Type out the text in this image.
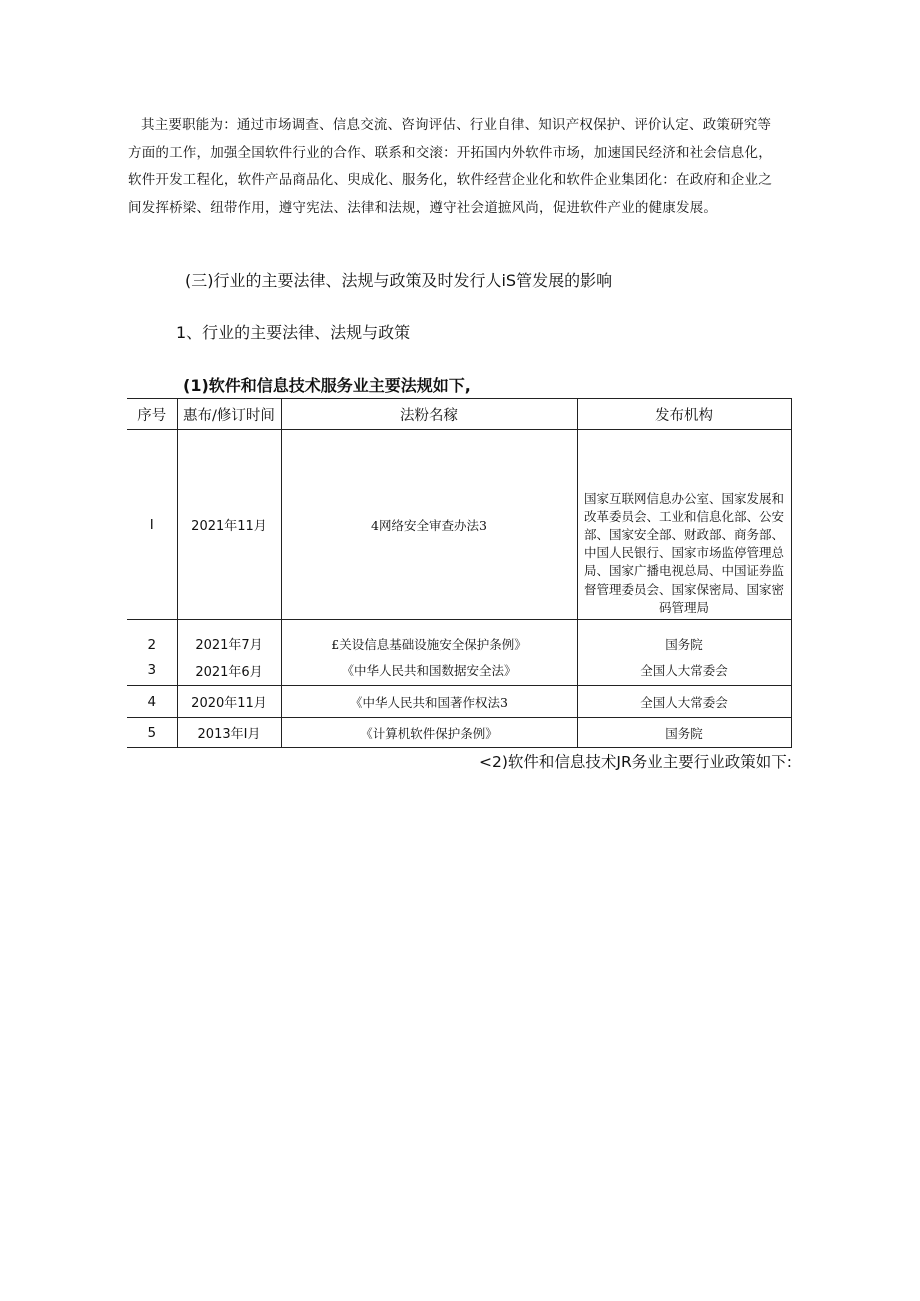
其主要职能为：通过市场调查、信息交流、咨询评估、行业自律、知识产权保护、评价认定、政策研究等
方面的工作，加强全国软件行业的合作、联系和交滚：开拓国内外软件市场，加速国民经济和社会信息化，
软件开发工程化，软件产品商品化、臾成化、服务化，软件经营企业化和软件企业集团化：在政府和企业之
间发挥桥梁、纽带作用，遵守宪法、法律和法规，遵守社会道摭风尚，促进软件产业的健康发展。
(三)行业的主要法律、法规与政策及时发行人iS管发展的影响
1、行业的主要法律、法规与政策
(1)软件和信息技术服务业主要法规如下,
序号	惠布/修订时间	法粉名稼	发布机构
I	2021年11月	4网络安全审查办法3	国家互联网信息办公室、国家发展和改革委员会、工业和信息化部、公安部、国家安全部、财政部、商务部、中国人民银行、国家市场监停管理总局、国家广播电视总局、中国证券监督管理委员会、国家保密局、国家密码管理局

2	2021年7月	£关设信息基础设施安全保护条例》	国务院
3	2021年6月	《中华人民共和国数据安全法》	全国人大常委会
4	2020年11月	《中华人民共和国著作权法3	全国人大常委会
5	2013年I月	《计算机软件保护条例》	国务院
<2)软件和信息技术JR务业主要行业政策如下:
